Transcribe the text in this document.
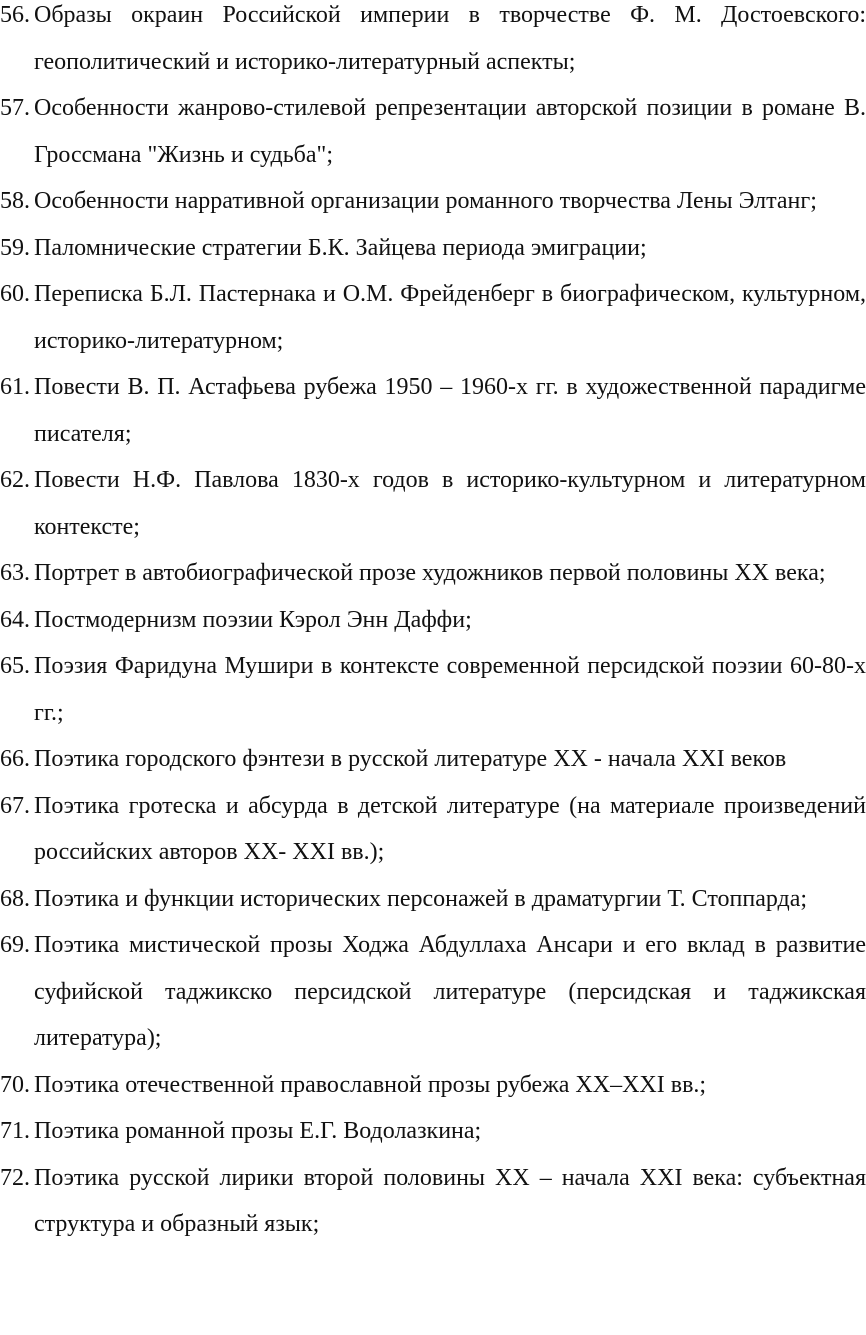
56. Образы окраин Российской империи в творчестве Ф. М. Достоевского: геополитический и историко-литературный аспекты;
57. Особенности жанрово-стилевой репрезентации авторской позиции в романе В. Гроссмана "Жизнь и судьба";
58. Особенности нарративной организации романного творчества Лены Элтанг;
59. Паломнические стратегии Б.К. Зайцева периода эмиграции;
60. Переписка Б.Л. Пастернака и О.М. Фрейденберг в биографическом, культурном, историко-литературном;
61. Повести В. П. Астафьева рубежа 1950 – 1960-х гг. в художественной парадигме писателя;
62. Повести Н.Ф. Павлова 1830-х годов в историко-культурном и литературном контексте;
63. Портрет в автобиографической прозе художников первой половины XX века;
64. Постмодернизм поэзии Кэрол Энн Даффи;
65. Поэзия Фаридуна Мушири в контексте современной персидской поэзии 60-80-х гг.;
66. Поэтика городского фэнтези в русской литературе XX - начала XXI веков
67. Поэтика гротеска и абсурда в детской литературе (на материале произведений российских авторов XX- XXI вв.);
68. Поэтика и функции исторических персонажей в драматургии Т. Стоппарда;
69. Поэтика мистической прозы Ходжа Абдуллаха Ансари и его вклад в развитие суфийской таджикско персидской литературе (персидская и таджикская литература);
70. Поэтика отечественной православной прозы рубежа XX–XXI вв.;
71. Поэтика романной прозы Е.Г. Водолазкина;
72. Поэтика русской лирики второй половины XX – начала XXI века: субъектная структура и образный язык;
